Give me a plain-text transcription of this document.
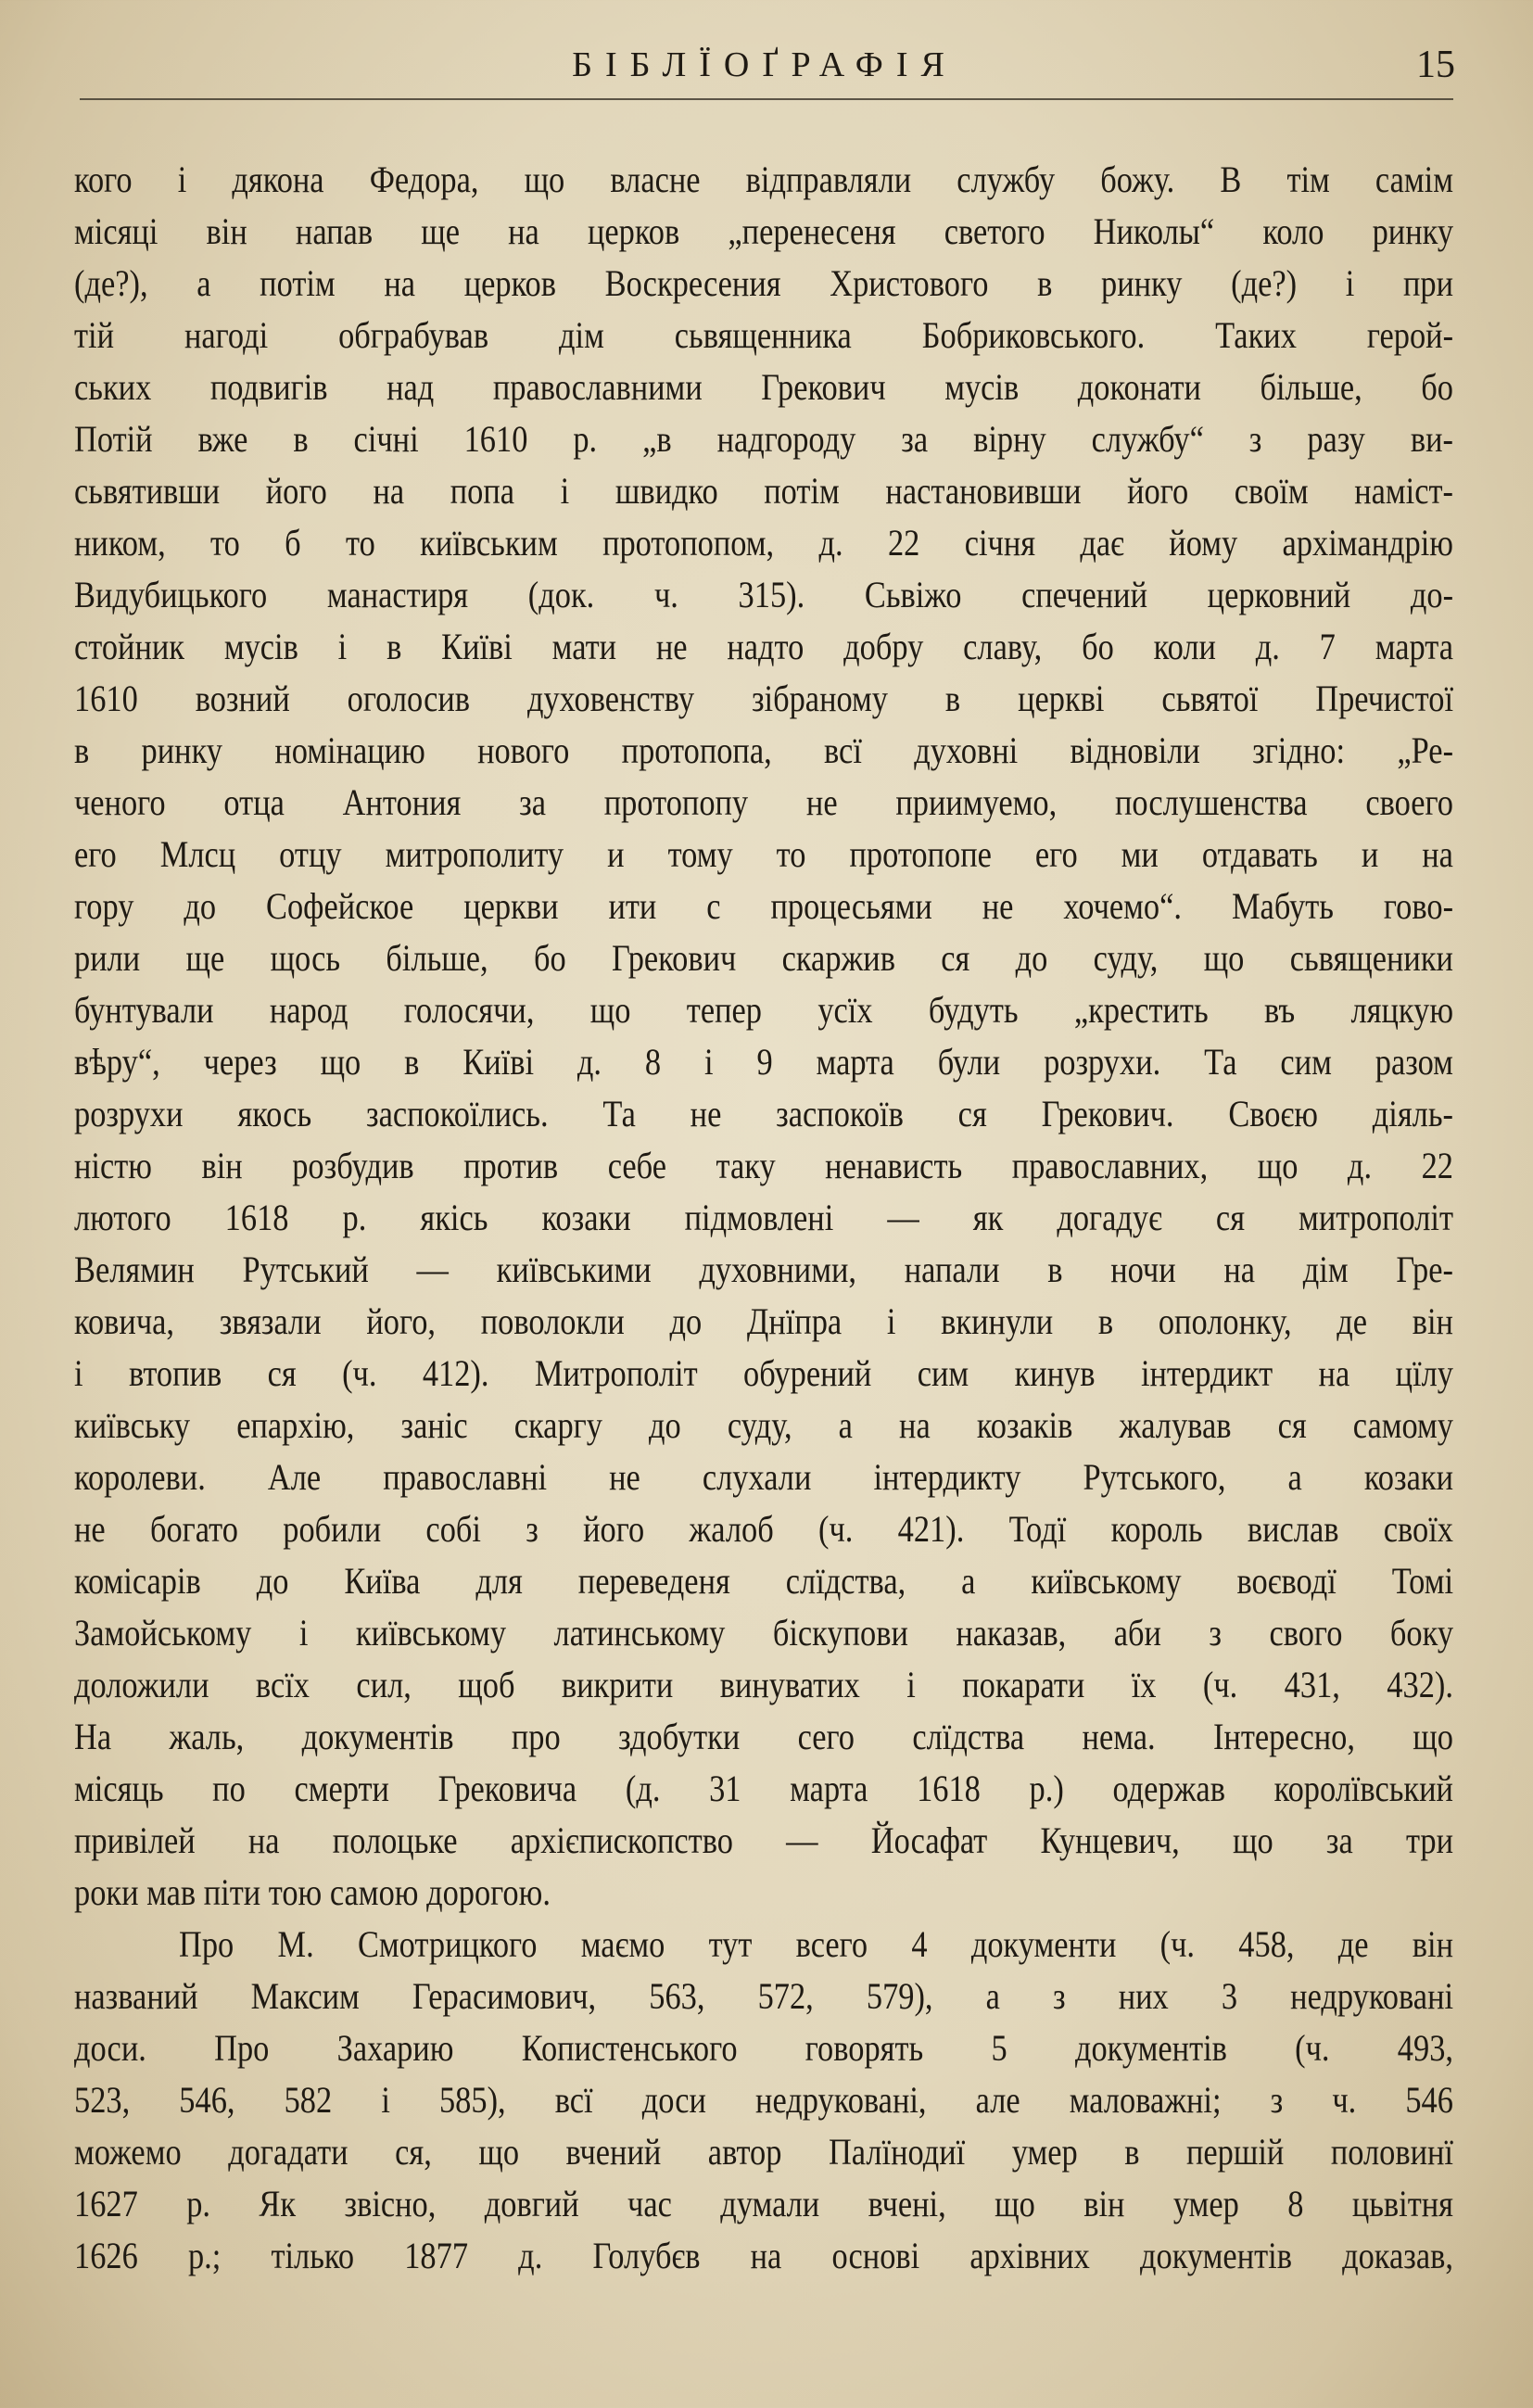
БІБЛЇОҐРАФІЯ	15
кого і дякона Федора, що власне відправляли службу божу. В тім самім
місяці він напав ще на церков „перенесеня светого Николы“ коло ринку
(де?), а потім на церков Воскресения Христового в ринку (де?) і при
тій нагоді обграбував дім сьвященника Бобриковського. Таких герой-
ських подвигів над православними Грекович мусів доконати більше, бо
Потій вже в січні 1610 р. „в надгороду за вірну службу“ з разу ви-
сьвятивши його на попа і швидко потім настановивши його своїм наміст-
ником, то б то київським протопопом, д. 22 січня дає йому архімандрію
Видубицького манастиря (док. ч. 315). Сьвіжо спечений церковний до-
стойник мусів і в Київі мати не надто добру славу, бо коли д. 7 марта
1610 возний оголосив духовенству зібраному в церкві сьвятої Пречистої
в ринку номінацию нового протопопа, всї духовні відновіли згідно: „Ре-
ченого отца Антония за протопопу не приимуемо, послушенства своего
его Млсц отцу митрополиту и тому то протопопе его ми отдавать и на
гору до Софейское церкви ити с процесьями не хочемо“. Мабуть гово-
рили ще щось більше, бо Грекович скаржив ся до суду, що сьвященики
бунтували народ голосячи, що тепер усїх будуть „крестить въ ляцкую
вѣру“, через що в Київі д. 8 і 9 марта були розрухи. Та сим разом
розрухи якось заспокоїлись. Та не заспокоїв ся Грекович. Своєю діяль-
ністю він розбудив против себе таку ненависть православних, що д. 22
лютого 1618 р. якісь козаки підмовлені — як догадує ся митрополіт
Велямин Рутський — київськими духовними, напали в ночи на дім Гре-
ковича, звязали його, поволокли до Днїпра і вкинули в ополонку, де він
і втопив ся (ч. 412). Митрополіт обурений сим кинув інтердикт на цїлу
київську епархію, заніс скаргу до суду, а на козаків жалував ся самому
королеви. Але православні не слухали інтердикту Рутського, а козаки
не богато робили собі з його жалоб (ч. 421). Тодї король вислав своїх
комісарів до Київа для переведеня слїдства, а київському воєводї Томі
Замойському і київському латинському біскупови наказав, аби з свого боку
доложили всїх сил, щоб викрити винуватих і покарати їх (ч. 431, 432).
На жаль, документів про здобутки сего слїдства нема. Інтересно, що
місяць по смерти Грековича (д. 31 марта 1618 р.) одержав королївський
привілей на полоцьке архієпископство — Йосафат Кунцевич, що за три
роки мав піти тою самою дорогою.
Про М. Смотрицкого маємо тут всего 4 документи (ч. 458, де він
названий Максим Герасимович, 563, 572, 579), а з них 3 недруковані
доси. Про Захарию Копистенського говорять 5 документів (ч. 493,
523, 546, 582 і 585), всї доси недруковані, але маловажні; з ч. 546
можемо догадати ся, що вчений автор Палїнодиї умер в першій половинї
1627 р. Як звісно, довгий час думали вчені, що він умер 8 цьвітня
1626 р.; тілько 1877 д. Голубєв на основі архівних документів доказав,
